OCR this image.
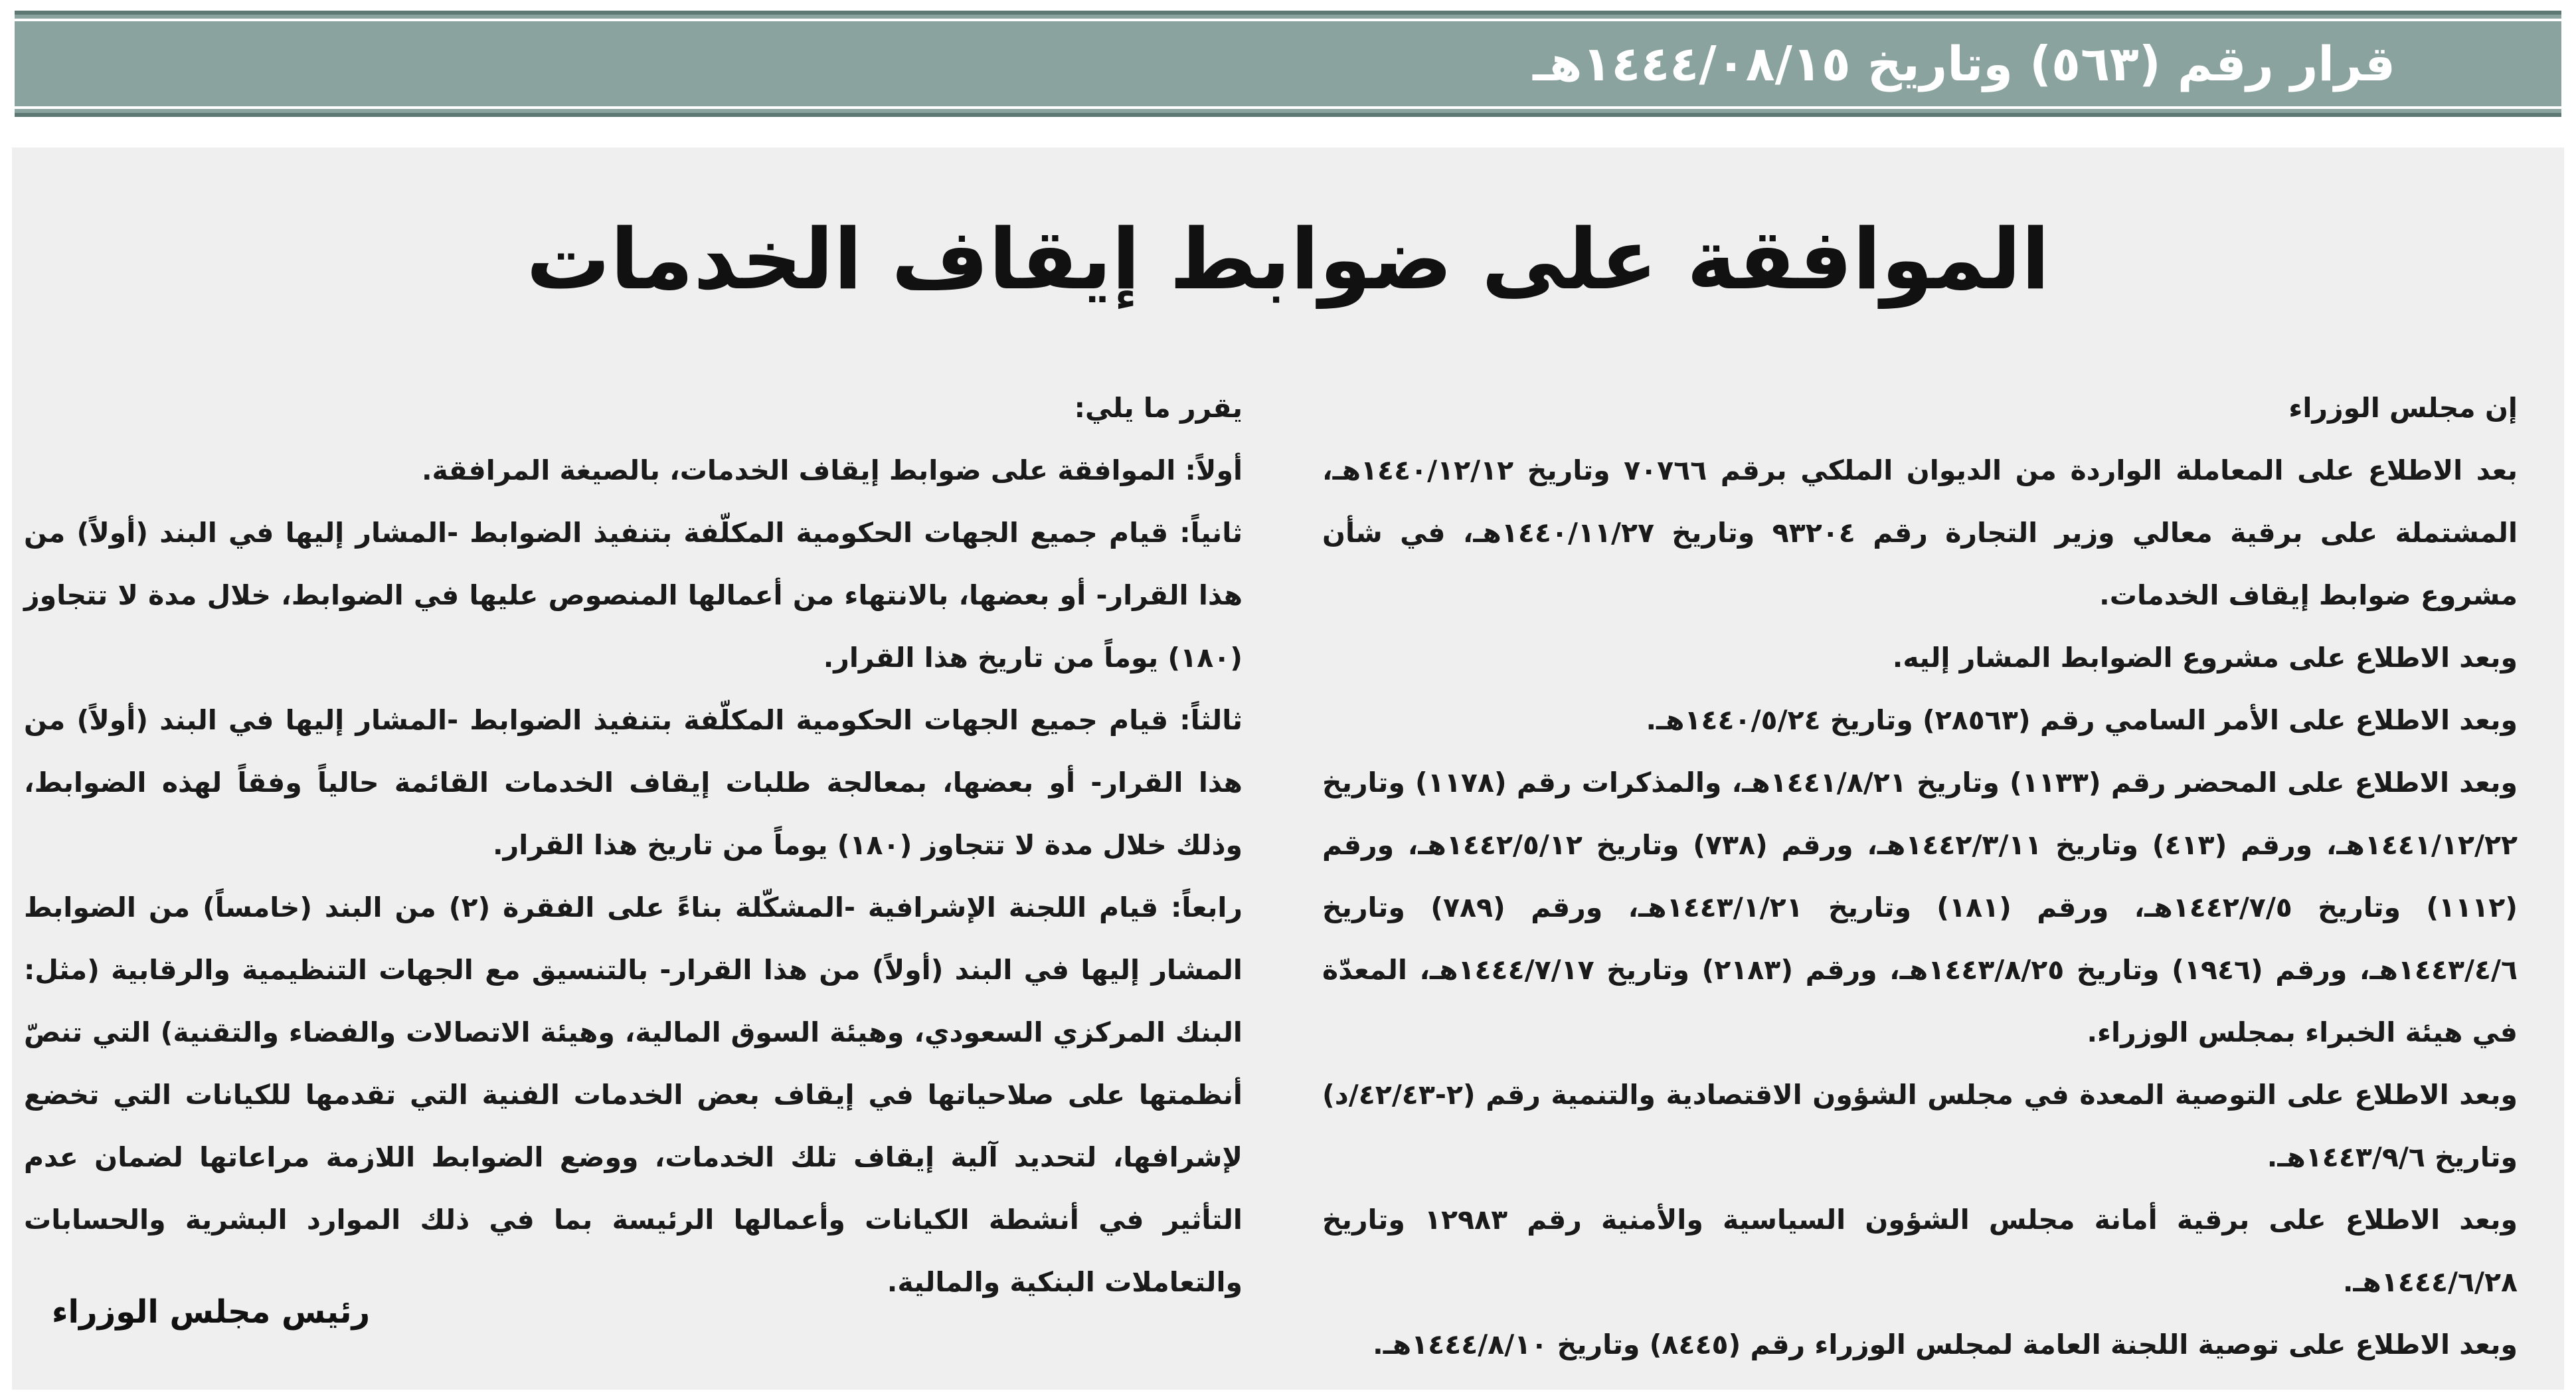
قرار رقم (٥٦٣) وتاريخ ١٤٤٤/٠٨/١٥هـ
الموافقة على ضوابط إيقاف الخدمات

إن مجلس الوزراء

بعد الاطلاع على المعاملة الواردة من الديوان الملكي برقم ٧٠٧٦٦ وتاريخ ١٤٤٠/١٢/١٢هـ، المشتملة على برقية معالي وزير التجارة رقم ٩٣٢٠٤ وتاريخ ١٤٤٠/١١/٢٧هـ، في شأن مشروع ضوابط إيقاف الخدمات.

وبعد الاطلاع على مشروع الضوابط المشار إليه.

وبعد الاطلاع على الأمر السامي رقم (٢٨٥٦٣) وتاريخ ١٤٤٠/٥/٢٤هـ.

وبعد الاطلاع على المحضر رقم (١١٣٣) وتاريخ ١٤٤١/٨/٢١هـ، والمذكرات رقم (١١٧٨) وتاريخ ١٤٤١/١٢/٢٢هـ، ورقم (٤١٣) وتاريخ ١٤٤٢/٣/١١هـ، ورقم (٧٣٨) وتاريخ ١٤٤٢/٥/١٢هـ، ورقم (١١١٢) وتاريخ ١٤٤٢/٧/٥هـ، ورقم (١٨١) وتاريخ ١٤٤٣/١/٢١هـ، ورقم (٧٨٩) وتاريخ ١٤٤٣/٤/٦هـ، ورقم (١٩٤٦) وتاريخ ١٤٤٣/٨/٢٥هـ، ورقم (٢١٨٣) وتاريخ ١٤٤٤/٧/١٧هـ، المعدّة في هيئة الخبراء بمجلس الوزراء.

وبعد الاطلاع على التوصية المعدة في مجلس الشؤون الاقتصادية والتنمية رقم (٢-٤٢/٤٣/د) وتاريخ ١٤٤٣/٩/٦هـ.

وبعد الاطلاع على برقية أمانة مجلس الشؤون السياسية والأمنية رقم ١٢٩٨٣ وتاريخ ١٤٤٤/٦/٢٨هـ.

وبعد الاطلاع على توصية اللجنة العامة لمجلس الوزراء رقم (٨٤٤٥) وتاريخ ١٤٤٤/٨/١٠هـ.

يقرر ما يلي:

أولاً: الموافقة على ضوابط إيقاف الخدمات، بالصيغة المرافقة.

ثانياً: قيام جميع الجهات الحكومية المكلّفة بتنفيذ الضوابط -المشار إليها في البند (أولاً) من هذا القرار- أو بعضها، بالانتهاء من أعمالها المنصوص عليها في الضوابط، خلال مدة لا تتجاوز (١٨٠) يوماً من تاريخ هذا القرار.

ثالثاً: قيام جميع الجهات الحكومية المكلّفة بتنفيذ الضوابط -المشار إليها في البند (أولاً) من هذا القرار- أو بعضها، بمعالجة طلبات إيقاف الخدمات القائمة حالياً وفقاً لهذه الضوابط، وذلك خلال مدة لا تتجاوز (١٨٠) يوماً من تاريخ هذا القرار.

رابعاً: قيام اللجنة الإشرافية -المشكّلة بناءً على الفقرة (٢) من البند (خامساً) من الضوابط المشار إليها في البند (أولاً) من هذا القرار- بالتنسيق مع الجهات التنظيمية والرقابية (مثل: البنك المركزي السعودي، وهيئة السوق المالية، وهيئة الاتصالات والفضاء والتقنية) التي تنصّ أنظمتها على صلاحياتها في إيقاف بعض الخدمات الفنية التي تقدمها للكيانات التي تخضع لإشرافها، لتحديد آلية إيقاف تلك الخدمات، ووضع الضوابط اللازمة مراعاتها لضمان عدم التأثير في أنشطة الكيانات وأعمالها الرئيسة بما في ذلك الموارد البشرية والحسابات والتعاملات البنكية والمالية.

رئيس مجلس الوزراء
